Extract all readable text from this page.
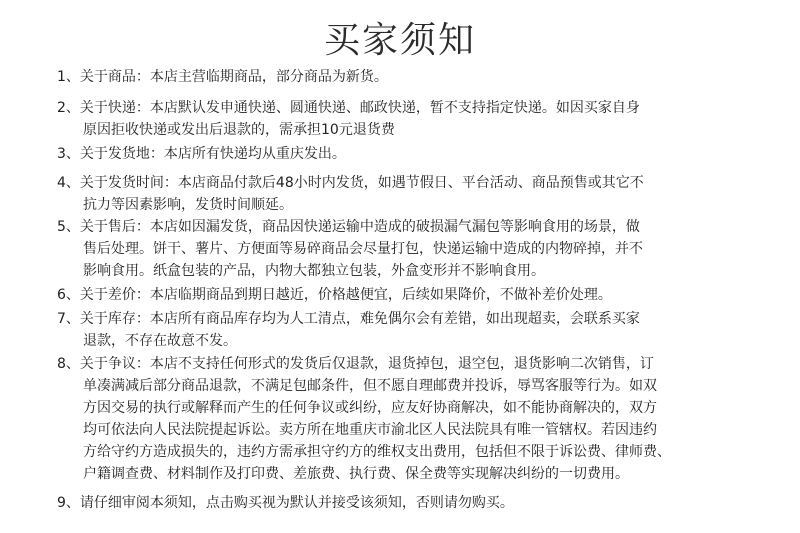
买家须知
1、关于商品：本店主营临期商品，部分商品为新货。
2、关于快递：本店默认发申通快递、圆通快递、邮政快递，暂不支持指定快递。如因买家自身
原因拒收快递或发出后退款的，需承担10元退货费
3、关于发货地：本店所有快递均从重庆发出。
4、关于发货时间：本店商品付款后48小时内发货，如遇节假日、平台活动、商品预售或其它不
抗力等因素影响，发货时间顺延。
5、关于售后：本店如因漏发货，商品因快递运输中造成的破损漏气漏包等影响食用的场景，做
售后处理。饼干、薯片、方便面等易碎商品会尽量打包，快递运输中造成的内物碎掉，并不
影响食用。纸盒包装的产品，内物大都独立包装，外盒变形并不影响食用。
6、关于差价：本店临期商品到期日越近，价格越便宜，后续如果降价，不做补差价处理。
7、关于库存：本店所有商品库存均为人工清点，难免偶尔会有差错，如出现超卖，会联系买家
退款，不存在故意不发。
8、关于争议：本店不支持任何形式的发货后仅退款，退货掉包，退空包，退货影响二次销售，订
单凑满减后部分商品退款，不满足包邮条件，但不愿自理邮费并投诉，辱骂客服等行为。如双
方因交易的执行或解释而产生的任何争议或纠纷，应友好协商解决，如不能协商解决的，双方
均可依法向人民法院提起诉讼。卖方所在地重庆市渝北区人民法院具有唯一管辖权。若因违约
方给守约方造成损失的，违约方需承担守约方的维权支出费用，包括但不限于诉讼费、律师费、
户籍调查费、材料制作及打印费、差旅费、执行费、保全费等实现解决纠纷的一切费用。
9、请仔细审阅本须知，点击购买视为默认并接受该须知，否则请勿购买。
